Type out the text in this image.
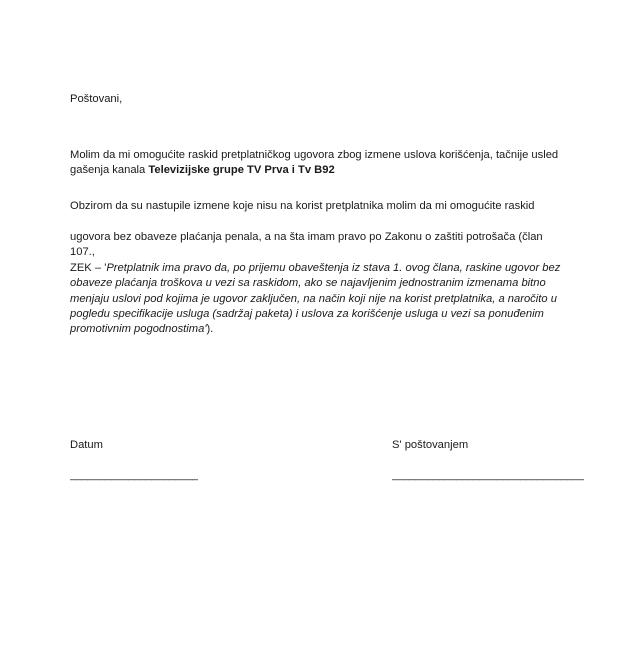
Poštovani,

Molim da mi omogućite raskid pretplatničkog ugovora zbog izmene uslova korišćenja, tačnije usled
gašenja kanala Televizijske grupe TV Prva i Tv B92

Obzirom da su nastupile izmene koje nisu na korist pretplatnika molim da mi omogućite raskid

ugovora bez obaveze plaćanja penala, a na šta imam pravo po Zakonu o zaštiti potrošača (član 107.,
ZEK – 'Pretplatnik ima pravo da, po prijemu obaveštenja iz stava 1. ovog člana, raskine ugovor bez obaveze plaćanja troškova u vezi sa raskidom, ako se najavljenim jednostranim izmenama bitno menjaju uslovi pod kojima je ugovor zaključen, na način koji nije na korist pretplatnika, a naročito u pogledu specifikacije usluga (sadržaj paketa) i uslova za korišćenje usluga u vezi sa ponuđenim promotivnim pogodnostima').

Datum

______________________

S' poštovanjem

_________________________________
